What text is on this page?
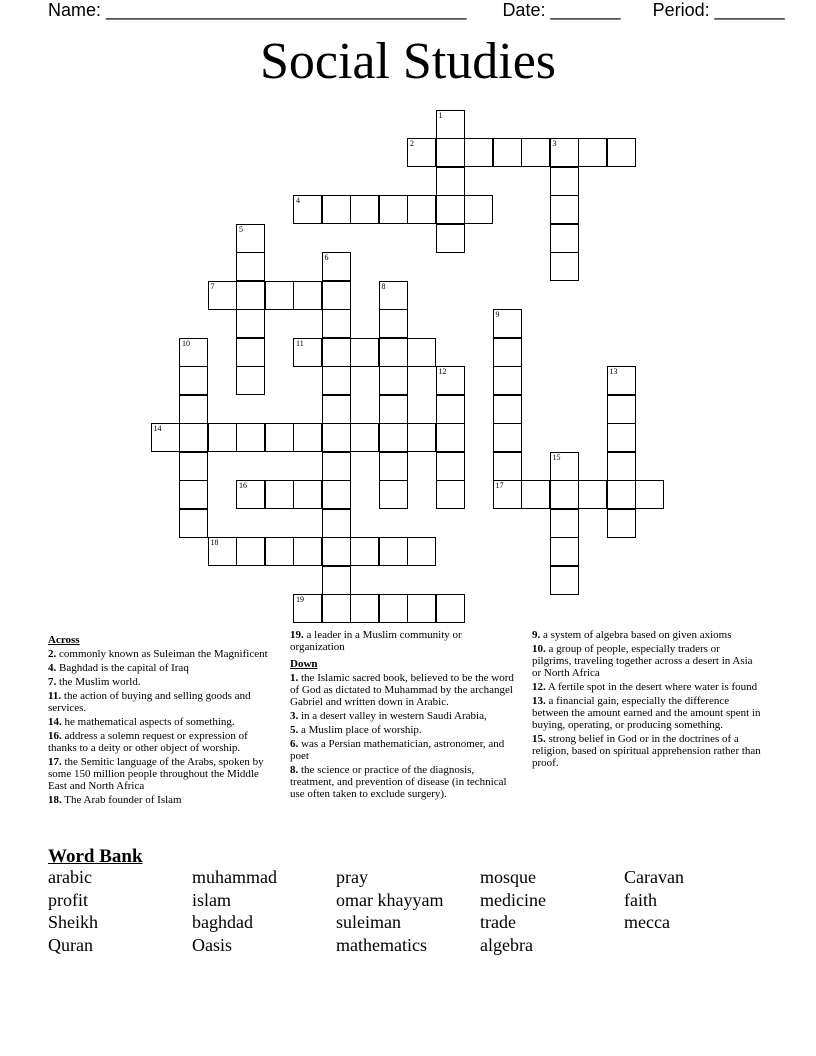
Name: ____________________________________ Date: _______ Period: _______
Social Studies
1
2	3
4
5
6
7	8
9
17
10	11
12	13
14
15
16
18
19
Across
2. commonly known as Suleiman the Magnificent
4. Baghdad is the capital of Iraq
7. the Muslim world.
11. the action of buying and selling goods and services.
14. he mathematical aspects of something.
16. address a solemn request or expression of thanks to a deity or other object of worship.
17. the Semitic language of the Arabs, spoken by some 150 million people throughout the Middle East and North Africa
18. The Arab founder of Islam
19. a leader in a Muslim community or organization
Down
1. the Islamic sacred book, believed to be the word of God as dictated to Muhammad by the archangel Gabriel and written down in Arabic.
3. in a desert valley in western Saudi Arabia,
5. a Muslim place of worship.
6. was a Persian mathematician, astronomer, and poet
8. the science or practice of the diagnosis, treatment, and prevention of disease (in technical use often taken to exclude surgery).
9. a system of algebra based on given axioms
10. a group of people, especially traders or pilgrims, traveling together across a desert in Asia or North Africa
12. A fertile spot in the desert where water is found
13. a financial gain, especially the difference between the amount earned and the amount spent in buying, operating, or producing something.
15. strong belief in God or in the doctrines of a religion, based on spiritual apprehension rather than proof.
Word Bank
arabic	muhammad	pray	mosque	Caravan
profit	islam	omar khayyam	medicine	faith
Sheikh	baghdad	suleiman	trade	mecca
Quran	Oasis	mathematics	algebra
